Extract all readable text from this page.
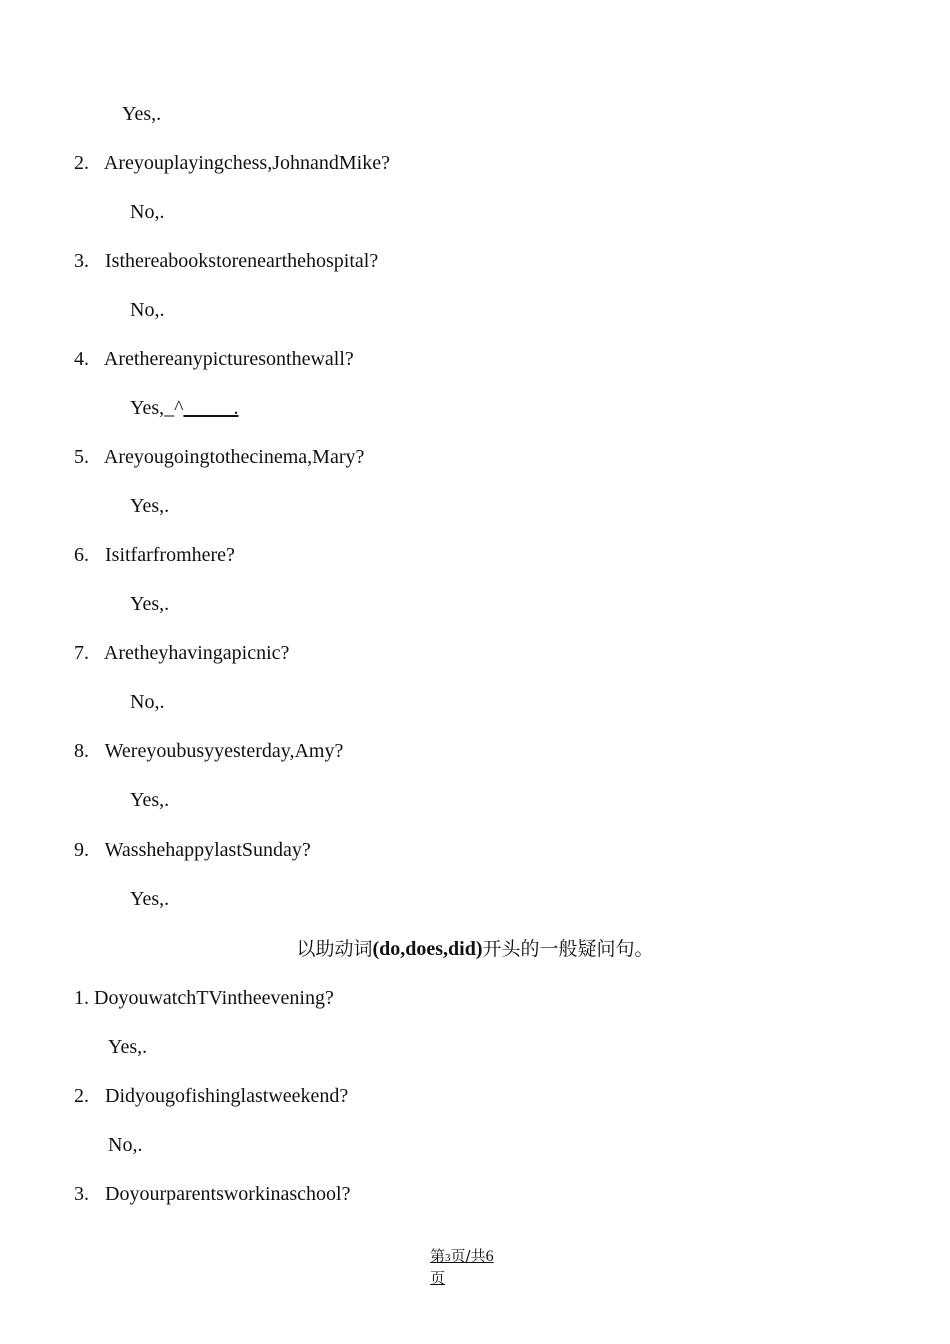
Yes,.
2. Areyouplayingchess,JohnandMike?
No,.
3. Isthereabookstorenearthehospital?
No,.
4. Arethereanypicturesonthewall?
Yes,_^_____.
5. Areyougoingtothecinema,Mary?
Yes,.
6. Isitfarfromhere?
Yes,.
7. Aretheyhavingapicnic?
No,.
8. Wereyoubusyyesterday,Amy?
Yes,.
9. WasshehappylastSunday?
Yes,.
以助动词(do,does,did)开头的一般疑问句。
1. DoyouwatchTVintheevening?
Yes,.
2. Didyougofishinglastweekend?
No,.
3. Doyourparentsworkinaschool?
第3页/共6
页
